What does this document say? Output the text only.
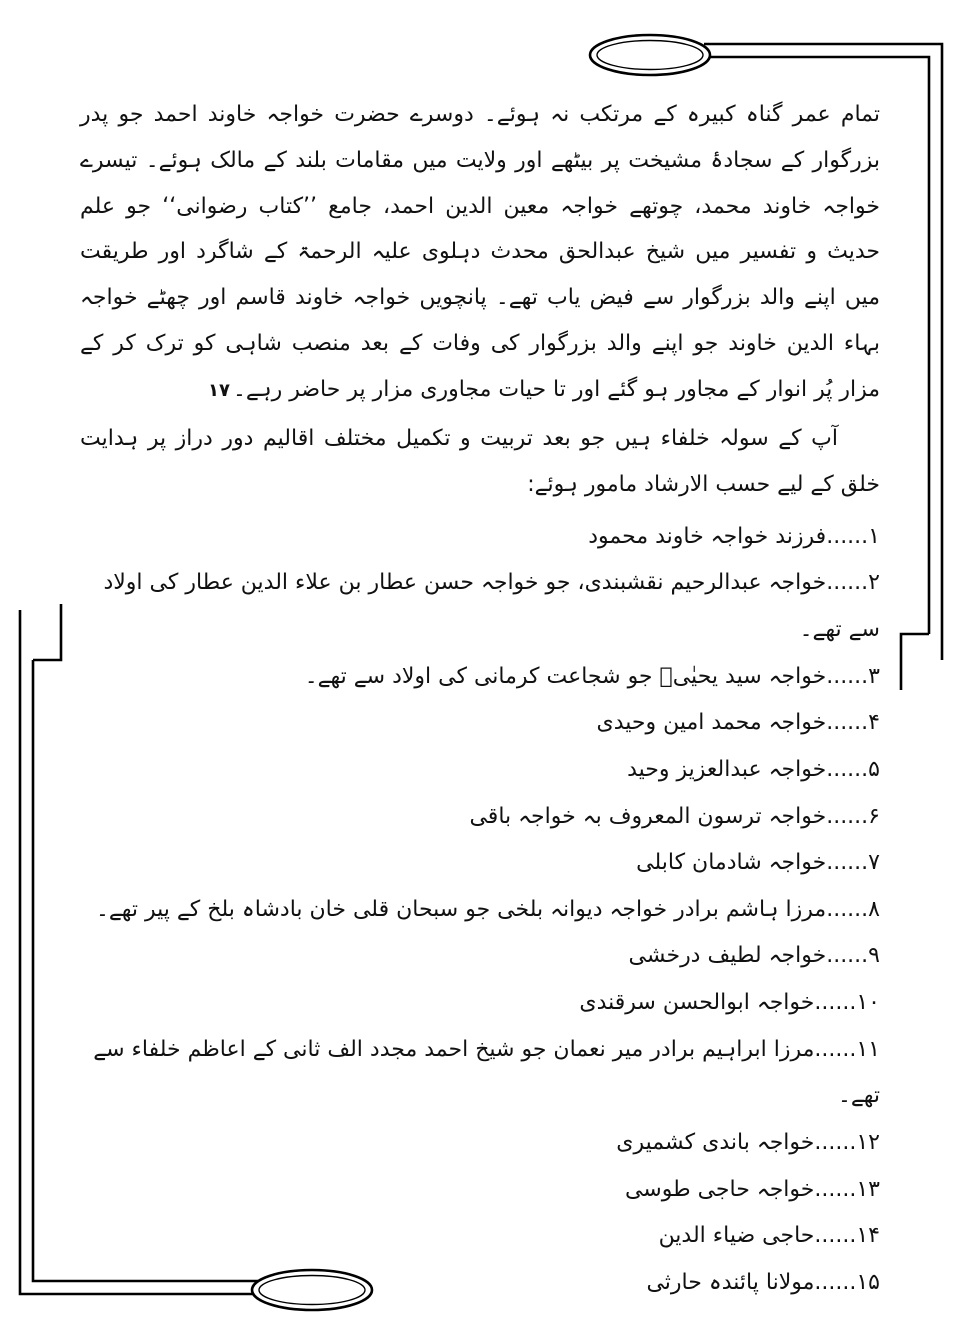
تمام عمر گناہ کبیرہ کے مرتکب نہ ہوئے۔ دوسرے حضرت خواجہ خاوند احمد جو پدر بزرگوار کے سجادۂ مشیخت پر بیٹھے اور ولایت میں مقامات بلند کے مالک ہوئے۔ تیسرے خواجہ خاوند محمد، چوتھے خواجہ معین الدین احمد، جامع ’’کتاب رضوانی‘‘ جو علم حدیث و تفسیر میں شیخ عبدالحق محدث دہلوی علیہ الرحمۃ کے شاگرد اور طریقت میں اپنے والد بزرگوار سے فیض یاب تھے۔ پانچویں خواجہ خاوند قاسم اور چھٹے خواجہ بہاء الدین خاوند جو اپنے والد بزرگوار کی وفات کے بعد منصب شاہی کو ترک کر کے مزار پُر انوار کے مجاور ہو گئے اور تا حیات مجاوری مزار پر حاضر رہے۔۱۷

آپ کے سولہ خلفاء ہیں جو بعد تربیت و تکمیل مختلف اقالیم دور دراز پر ہدایت خلق کے لیے حسب الارشاد مامور ہوئے:

۱......فرزند خواجہ خاوند محمود
۲......خواجہ عبدالرحیم نقشبندی، جو خواجہ حسن عطار بن علاء الدین عطار کی اولاد سے تھے۔
۳......خواجہ سید یحیٰیؑ جو شجاعت کرمانی کی اولاد سے تھے۔
۴......خواجہ محمد امین وحیدی
۵......خواجہ عبدالعزیز وحید
۶......خواجہ ترسون المعروف بہ خواجہ باقی
۷......خواجہ شادمان کابلی
۸......مرزا ہاشم برادر خواجہ دیوانہ بلخی جو سبحان قلی خان بادشاہ بلخ کے پیر تھے۔
۹......خواجہ لطیف درخشی
۱۰......خواجہ ابوالحسن سرقندی
۱۱......مرزا ابراہیم برادر میر نعمان جو شیخ احمد مجدد الف ثانی کے اعاظم خلفاء سے تھے۔
۱۲......خواجہ باندی کشمیری
۱۳......خواجہ حاجی طوسی
۱۴......حاجی ضیاء الدین
۱۵......مولانا پائندہ حارثی
